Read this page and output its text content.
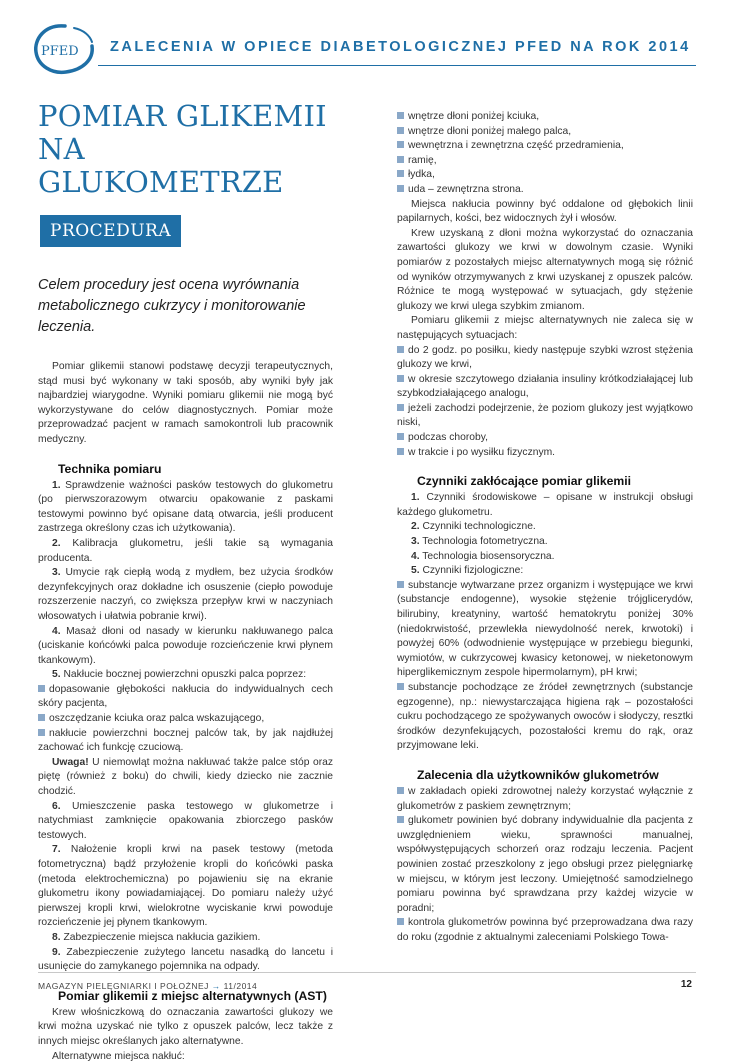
PFED ZALECENIA W OPIECE DIABETOLOGICZNEJ PFED NA ROK 2014
POMIAR GLIKEMII
NA GLUKOMETRZE
PROCEDURA

Celem procedury jest ocena wyrównania metabolicznego cukrzycy i monitorowanie leczenia.

Pomiar glikemii stanowi podstawę decyzji terapeutycznych, stąd musi być wykonany w taki sposób, aby wyniki były jak najbardziej wiarygodne. Wyniki pomiaru glikemii nie mogą być wykorzystywane do celów diagnostycznych. Pomiar może przeprowadzać pacjent w ramach samokontroli lub pracownik medyczny.

Technika pomiaru

1. Sprawdzenie ważności pasków testowych do glukometru (po pierwszorazowym otwarciu opakowanie z paskami testowymi powinno być opisane datą otwarcia, jeśli producent zastrzega określony czas ich użytkowania).

2. Kalibracja glukometru, jeśli takie są wymagania producenta.

3. Umycie rąk ciepłą wodą z mydłem, bez użycia środków dezynfekcyjnych oraz dokładne ich osuszenie (ciepło powoduje rozszerzenie naczyń, co zwiększa przepływ krwi w naczyniach włosowatych i ułatwia pobranie krwi).

4. Masaż dłoni od nasady w kierunku nakłuwanego palca (uciskanie końcówki palca powoduje rozcieńczenie krwi płynem tkankowym).

5. Nakłucie bocznej powierzchni opuszki palca poprzez:

dopasowanie głębokości nakłucia do indywidualnych cech skóry pacjenta,

oszczędzanie kciuka oraz palca wskazującego,

nakłucie powierzchni bocznej palców tak, by jak najdłużej zachować ich funkcję czuciową.

Uwaga! U niemowląt można nakłuwać także palce stóp oraz piętę (również z boku) do chwili, kiedy dziecko nie zacznie chodzić.

6. Umieszczenie paska testowego w glukometrze i natychmiast zamknięcie opakowania zbiorczego pasków testowych.

7. Nałożenie kropli krwi na pasek testowy (metoda fotometryczna) bądź przyłożenie kropli do końcówki paska (metoda elektrochemiczna) po pojawieniu się na ekranie glukometru ikony powiadamiającej. Do pomiaru należy użyć pierwszej kropli krwi, wielokrotne wyciskanie krwi powoduje rozcieńczenie jej płynem tkankowym.

8. Zabezpieczenie miejsca nakłucia gazikiem.

9. Zabezpieczenie zużytego lancetu nasadką do lancetu i usunięcie do zamykanego pojemnika na odpady.

Pomiar glikemii z miejsc alternatywnych (AST)

Krew włośniczkową do oznaczania zawartości glukozy we krwi można uzyskać nie tylko z opuszek palców, lecz także z innych miejsc określanych jako alternatywne.

Alternatywne miejsca nakłuć:

wnętrze dłoni poniżej kciuka,

wnętrze dłoni poniżej małego palca,

wewnętrzna i zewnętrzna część przedramienia,

ramię,

łydka,

uda – zewnętrzna strona.

Miejsca nakłucia powinny być oddalone od głębokich linii papilarnych, kości, bez widocznych żył i włosów.

Krew uzyskaną z dłoni można wykorzystać do oznaczania zawartości glukozy we krwi w dowolnym czasie. Wyniki pomiarów z pozostałych miejsc alternatywnych mogą się różnić od wyników otrzymywanych z krwi uzyskanej z opuszek palców. Różnice te mogą występować w sytuacjach, gdy stężenie glukozy we krwi ulega szybkim zmianom.

Pomiaru glikemii z miejsc alternatywnych nie zaleca się w następujących sytuacjach:

do 2 godz. po posiłku, kiedy następuje szybki wzrost stężenia glukozy we krwi,

w okresie szczytowego działania insuliny krótkodziałającej lub szybkodziałającego analogu,

jeżeli zachodzi podejrzenie, że poziom glukozy jest wyjątkowo niski,

podczas choroby,

w trakcie i po wysiłku fizycznym.

Czynniki zakłócające pomiar glikemii

1. Czynniki środowiskowe – opisane w instrukcji obsługi każdego glukometru.

2. Czynniki technologiczne.

3. Technologia fotometryczna.

4. Technologia biosensoryczna.

5. Czynniki fizjologiczne:

substancje wytwarzane przez organizm i występujące we krwi (substancje endogenne), wysokie stężenie trójglicerydów, bilirubiny, kreatyniny, wartość hematokrytu poniżej 30% (niedokrwistość, przewlekła niewydolność nerek, krwotoki) i powyżej 60% (odwodnienie występujące w przebiegu biegunki, wymiotów, w cukrzycowej kwasicy ketonowej, w nieketonowym hiperglikemicznym zespole hipermolarnym), pH krwi;

substancje pochodzące ze źródeł zewnętrznych (substancje egzogenne), np.: niewystarczająca higiena rąk – pozostałości cukru pochodzącego ze spożywanych owoców i słodyczy, resztki środków dezynfekujących, pozostałości kremu do rąk, oraz przyjmowane leki.

Zalecenia dla użytkowników glukometrów

w zakładach opieki zdrowotnej należy korzystać wyłącznie z glukometrów z paskiem zewnętrznym;

glukometr powinien być dobrany indywidualnie dla pacjenta z uwzględnieniem wieku, sprawności manualnej, współwystępujących schorzeń oraz rodzaju leczenia. Pacjent powinien zostać przeszkolony z jego obsługi przez pielęgniarkę w miejscu, w którym jest leczony. Umiejętność samodzielnego pomiaru powinna być sprawdzana przy każdej wizycie w poradni;

kontrola glukometrów powinna być przeprowadzana dwa razy do roku (zgodnie z aktualnymi zaleceniami Polskiego Towa-

MAGAZYN PIELĘGNIARKI I POŁOŻNEJ → 11/2014	12
